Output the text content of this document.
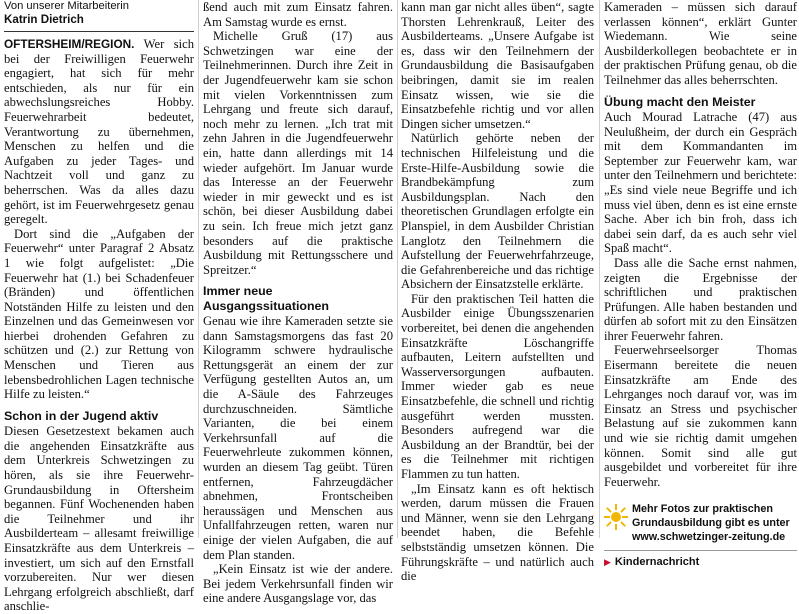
Von unserer Mitarbeiterin

Katrin Dietrich

OFTERSHEIM/REGION. Wer sich bei der Freiwilligen Feuerwehr engagiert, hat sich für mehr entschieden, als nur für ein abwechslungsreiches Hobby. Feuerwehrarbeit bedeutet, Verantwortung zu übernehmen, Menschen zu helfen und die Aufgaben zu jeder Tages- und Nachtzeit voll und ganz zu beherrschen. Was da alles dazu gehört, ist im Feuerwehrgesetz genau geregelt.

Dort sind die „Aufgaben der Feuerwehr“ unter Paragraf 2 Absatz 1 wie folgt aufgelistet: „Die Feuerwehr hat (1.) bei Schadenfeuer (Bränden) und öffentlichen Notständen Hilfe zu leisten und den Einzelnen und das Gemeinwesen vor hierbei drohenden Gefahren zu schützen und (2.) zur Rettung von Menschen und Tieren aus lebensbedrohlichen Lagen technische Hilfe zu leisten.“

Schon in der Jugend aktiv

Diesen Gesetzestext bekamen auch die angehenden Einsatzkräfte aus dem Unterkreis Schwetzingen zu hören, als sie ihre Feuerwehr-Grundausbildung in Oftersheim begannen. Fünf Wochenenden haben die Teilnehmer und ihr Ausbilderteam – allesamt freiwillige Einsatzkräfte aus dem Unterkreis – investiert, um sich auf den Ernstfall vorzubereiten. Nur wer diesen Lehrgang erfolgreich abschließt, darf anschlie-

ßend auch mit zum Einsatz fahren. Am Samstag wurde es ernst.

Michelle Gruß (17) aus Schwetzingen war eine der Teilnehmerinnen. Durch ihre Zeit in der Jugendfeuerwehr kam sie schon mit vielen Vorkenntnissen zum Lehrgang und freute sich darauf, noch mehr zu lernen. „Ich trat mit zehn Jahren in die Jugendfeuerwehr ein, hatte dann allerdings mit 14 wieder aufgehört. Im Januar wurde das Interesse an der Feuerwehr wieder in mir geweckt und es ist schön, bei dieser Ausbildung dabei zu sein. Ich freue mich jetzt ganz besonders auf die praktische Ausbildung mit Rettungsschere und Spreitzer.“

Immer neue Ausgangssituationen

Genau wie ihre Kameraden setzte sie dann Samstagsmorgens das fast 20 Kilogramm schwere hydraulische Rettungsgerät an einem der zur Verfügung gestellten Autos an, um die A-Säule des Fahrzeuges durchzuschneiden. Sämtliche Varianten, die bei einem Verkehrsunfall auf die Feuerwehrleute zukommen können, wurden an diesem Tag geübt. Türen entfernen, Fahrzeugdächer abnehmen, Frontscheiben heraussägen und Menschen aus Unfallfahrzeugen retten, waren nur einige der vielen Aufgaben, die auf dem Plan standen.

„Kein Einsatz ist wie der andere. Bei jedem Verkehrsunfall finden wir eine andere Ausgangslage vor, das

kann man gar nicht alles üben“, sagte Thorsten Lehrenkrauß, Leiter des Ausbilderteams. „Unsere Aufgabe ist es, dass wir den Teilnehmern der Grundausbildung die Basisaufgaben beibringen, damit sie im realen Einsatz wissen, wie sie die Einsatzbefehle richtig und vor allen Dingen sicher umsetzen.“

Natürlich gehörte neben der technischen Hilfeleistung und die Erste-Hilfe-Ausbildung sowie die Brandbekämpfung zum Ausbildungsplan. Nach den theoretischen Grundlagen erfolgte ein Planspiel, in dem Ausbilder Christian Langlotz den Teilnehmern die Aufstellung der Feuerwehrfahrzeuge, die Gefahrenbereiche und das richtige Absichern der Einsatzstelle erklärte.

Für den praktischen Teil hatten die Ausbilder einige Übungsszenarien vorbereitet, bei denen die angehenden Einsatzkräfte Löschangriffe aufbauten, Leitern aufstellten und Wasserversorgungen aufbauten. Immer wieder gab es neue Einsatzbefehle, die schnell und richtig ausgeführt werden mussten. Besonders aufregend war die Ausbildung an der Brandtür, bei der es die Teilnehmer mit richtigen Flammen zu tun hatten.

„Im Einsatz kann es oft hektisch werden, darum müssen die Frauen und Männer, wenn sie den Lehrgang beendet haben, die Befehle selbstständig umsetzen können. Die Führungskräfte – und natürlich auch die

Kameraden – müssen sich darauf verlassen können“, erklärt Gunter Wiedemann. Wie seine Ausbilderkollegen beobachtete er in der praktischen Prüfung genau, ob die Teilnehmer das alles beherrschten.

Übung macht den Meister

Auch Mourad Latrache (47) aus Neulußheim, der durch ein Gespräch mit dem Kommandanten im September zur Feuerwehr kam, war unter den Teilnehmern und berichtete: „Es sind viele neue Begriffe und ich muss viel üben, denn es ist eine ernste Sache. Aber ich bin froh, dass ich dabei sein darf, da es auch sehr viel Spaß macht“.

Dass alle die Sache ernst nahmen, zeigten die Ergebnisse der schriftlichen und praktischen Prüfungen. Alle haben bestanden und dürfen ab sofort mit zu den Einsätzen ihrer Feuerwehr fahren.

Feuerwehrseelsorger Thomas Eisermann bereitete die neuen Einsatzkräfte am Ende des Lehrganges noch darauf vor, was im Einsatz an Stress und psychischer Belastung auf sie zukommen kann und wie sie richtig damit umgehen können. Somit sind alle gut ausgebildet und vorbereitet für ihre Feuerwehr.

Mehr Fotos zur praktischen
Grundausbildung gibt es unter
www.schwetzinger-zeitung.de
▶ Kindernachricht
